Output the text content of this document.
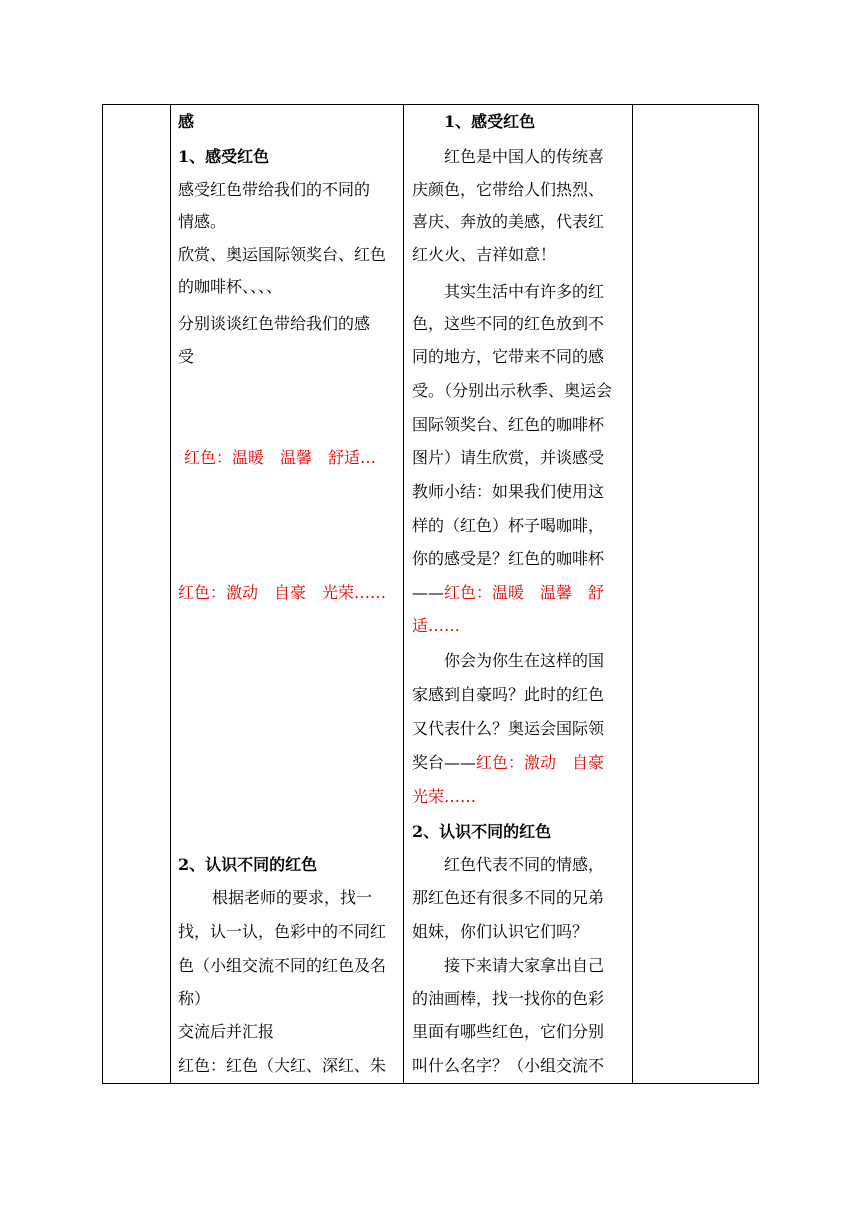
感
1、感受红色
感受红色带给我们的不同的
情感。
欣赏、奥运国际领奖台、红色
的咖啡杯、、、、
分别谈谈红色带给我们的感
受
红色：温暖　温馨　舒适…
红色：激动　自豪　光荣……
2、认识不同的红色
根据老师的要求，找一
找，认一认，色彩中的不同红
色（小组交流不同的红色及名
称）
交流后并汇报
红色：红色（大红、深红、朱
1、感受红色
红色是中国人的传统喜
庆颜色，它带给人们热烈、
喜庆、奔放的美感，代表红
红火火、吉祥如意！
其实生活中有许多的红
色，这些不同的红色放到不
同的地方，它带来不同的感
受。（分别出示秋季、奥运会
国际领奖台、红色的咖啡杯
图片）请生欣赏，并谈感受
教师小结：如果我们使用这
样的（红色）杯子喝咖啡，
你的感受是？红色的咖啡杯
——红色：温暖　温馨　舒
适……
你会为你生在这样的国
家感到自豪吗？此时的红色
又代表什么？奥运会国际领
奖台——红色：激动　自豪
光荣……
2、认识不同的红色
红色代表不同的情感，
那红色还有很多不同的兄弟
姐妹，你们认识它们吗？
接下来请大家拿出自己
的油画棒，找一找你的色彩
里面有哪些红色，它们分别
叫什么名字？（小组交流不
